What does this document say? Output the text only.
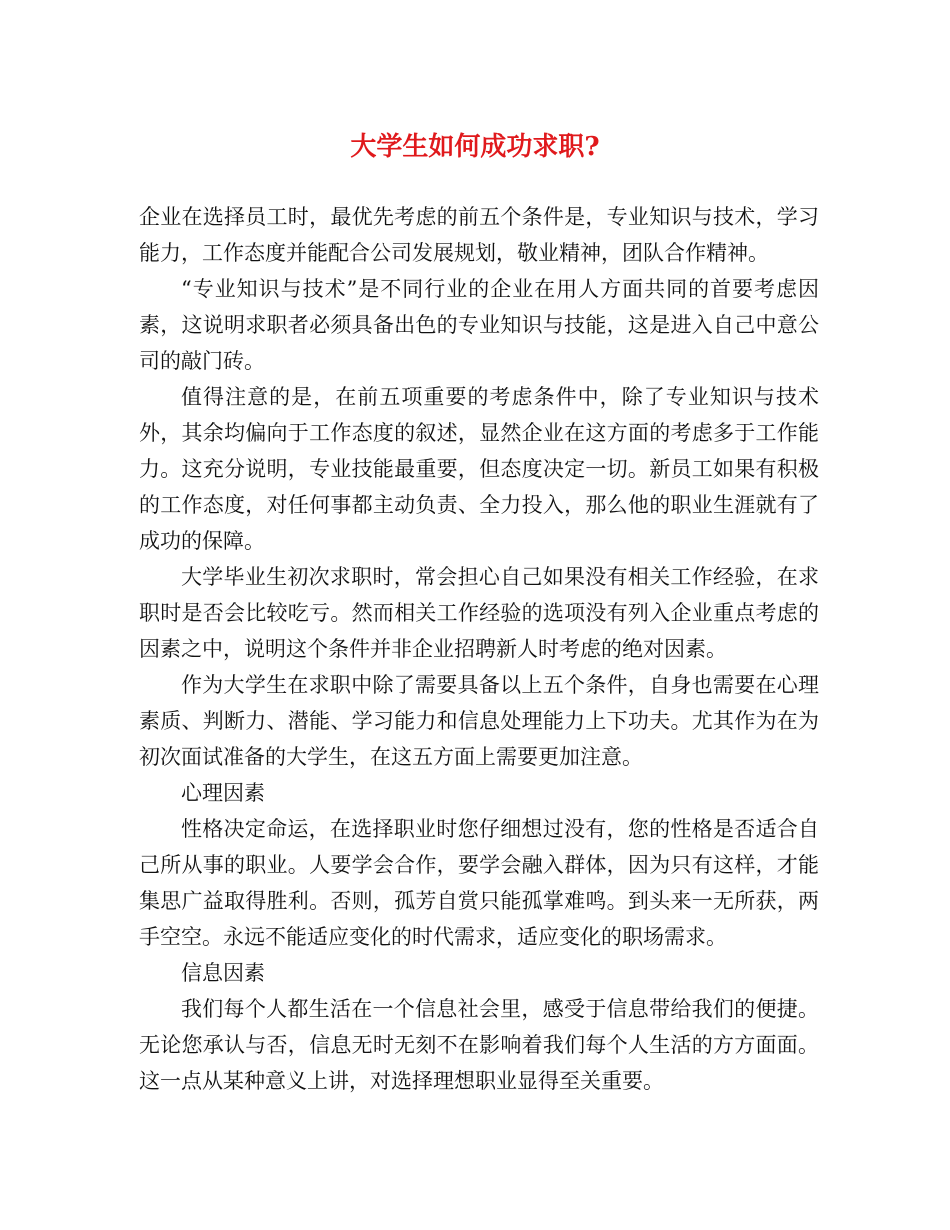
大学生如何成功求职?

企业在选择员工时，最优先考虑的前五个条件是，专业知识与技术，学习能力，工作态度并能配合公司发展规划，敬业精神，团队合作精神。

“专业知识与技术”是不同行业的企业在用人方面共同的首要考虑因素，这说明求职者必须具备出色的专业知识与技能，这是进入自己中意公司的敲门砖。

值得注意的是，在前五项重要的考虑条件中，除了专业知识与技术外，其余均偏向于工作态度的叙述，显然企业在这方面的考虑多于工作能力。这充分说明，专业技能最重要，但态度决定一切。新员工如果有积极的工作态度，对任何事都主动负责、全力投入，那么他的职业生涯就有了成功的保障。

大学毕业生初次求职时，常会担心自己如果没有相关工作经验，在求职时是否会比较吃亏。然而相关工作经验的选项没有列入企业重点考虑的因素之中，说明这个条件并非企业招聘新人时考虑的绝对因素。

作为大学生在求职中除了需要具备以上五个条件，自身也需要在心理素质、判断力、潜能、学习能力和信息处理能力上下功夫。尤其作为在为初次面试准备的大学生，在这五方面上需要更加注意。

心理因素

性格决定命运，在选择职业时您仔细想过没有，您的性格是否适合自己所从事的职业。人要学会合作，要学会融入群体，因为只有这样，才能集思广益取得胜利。否则，孤芳自赏只能孤掌难鸣。到头来一无所获，两手空空。永远不能适应变化的时代需求，适应变化的职场需求。

信息因素

我们每个人都生活在一个信息社会里，感受于信息带给我们的便捷。无论您承认与否，信息无时无刻不在影响着我们每个人生活的方方面面。这一点从某种意义上讲，对选择理想职业显得至关重要。
